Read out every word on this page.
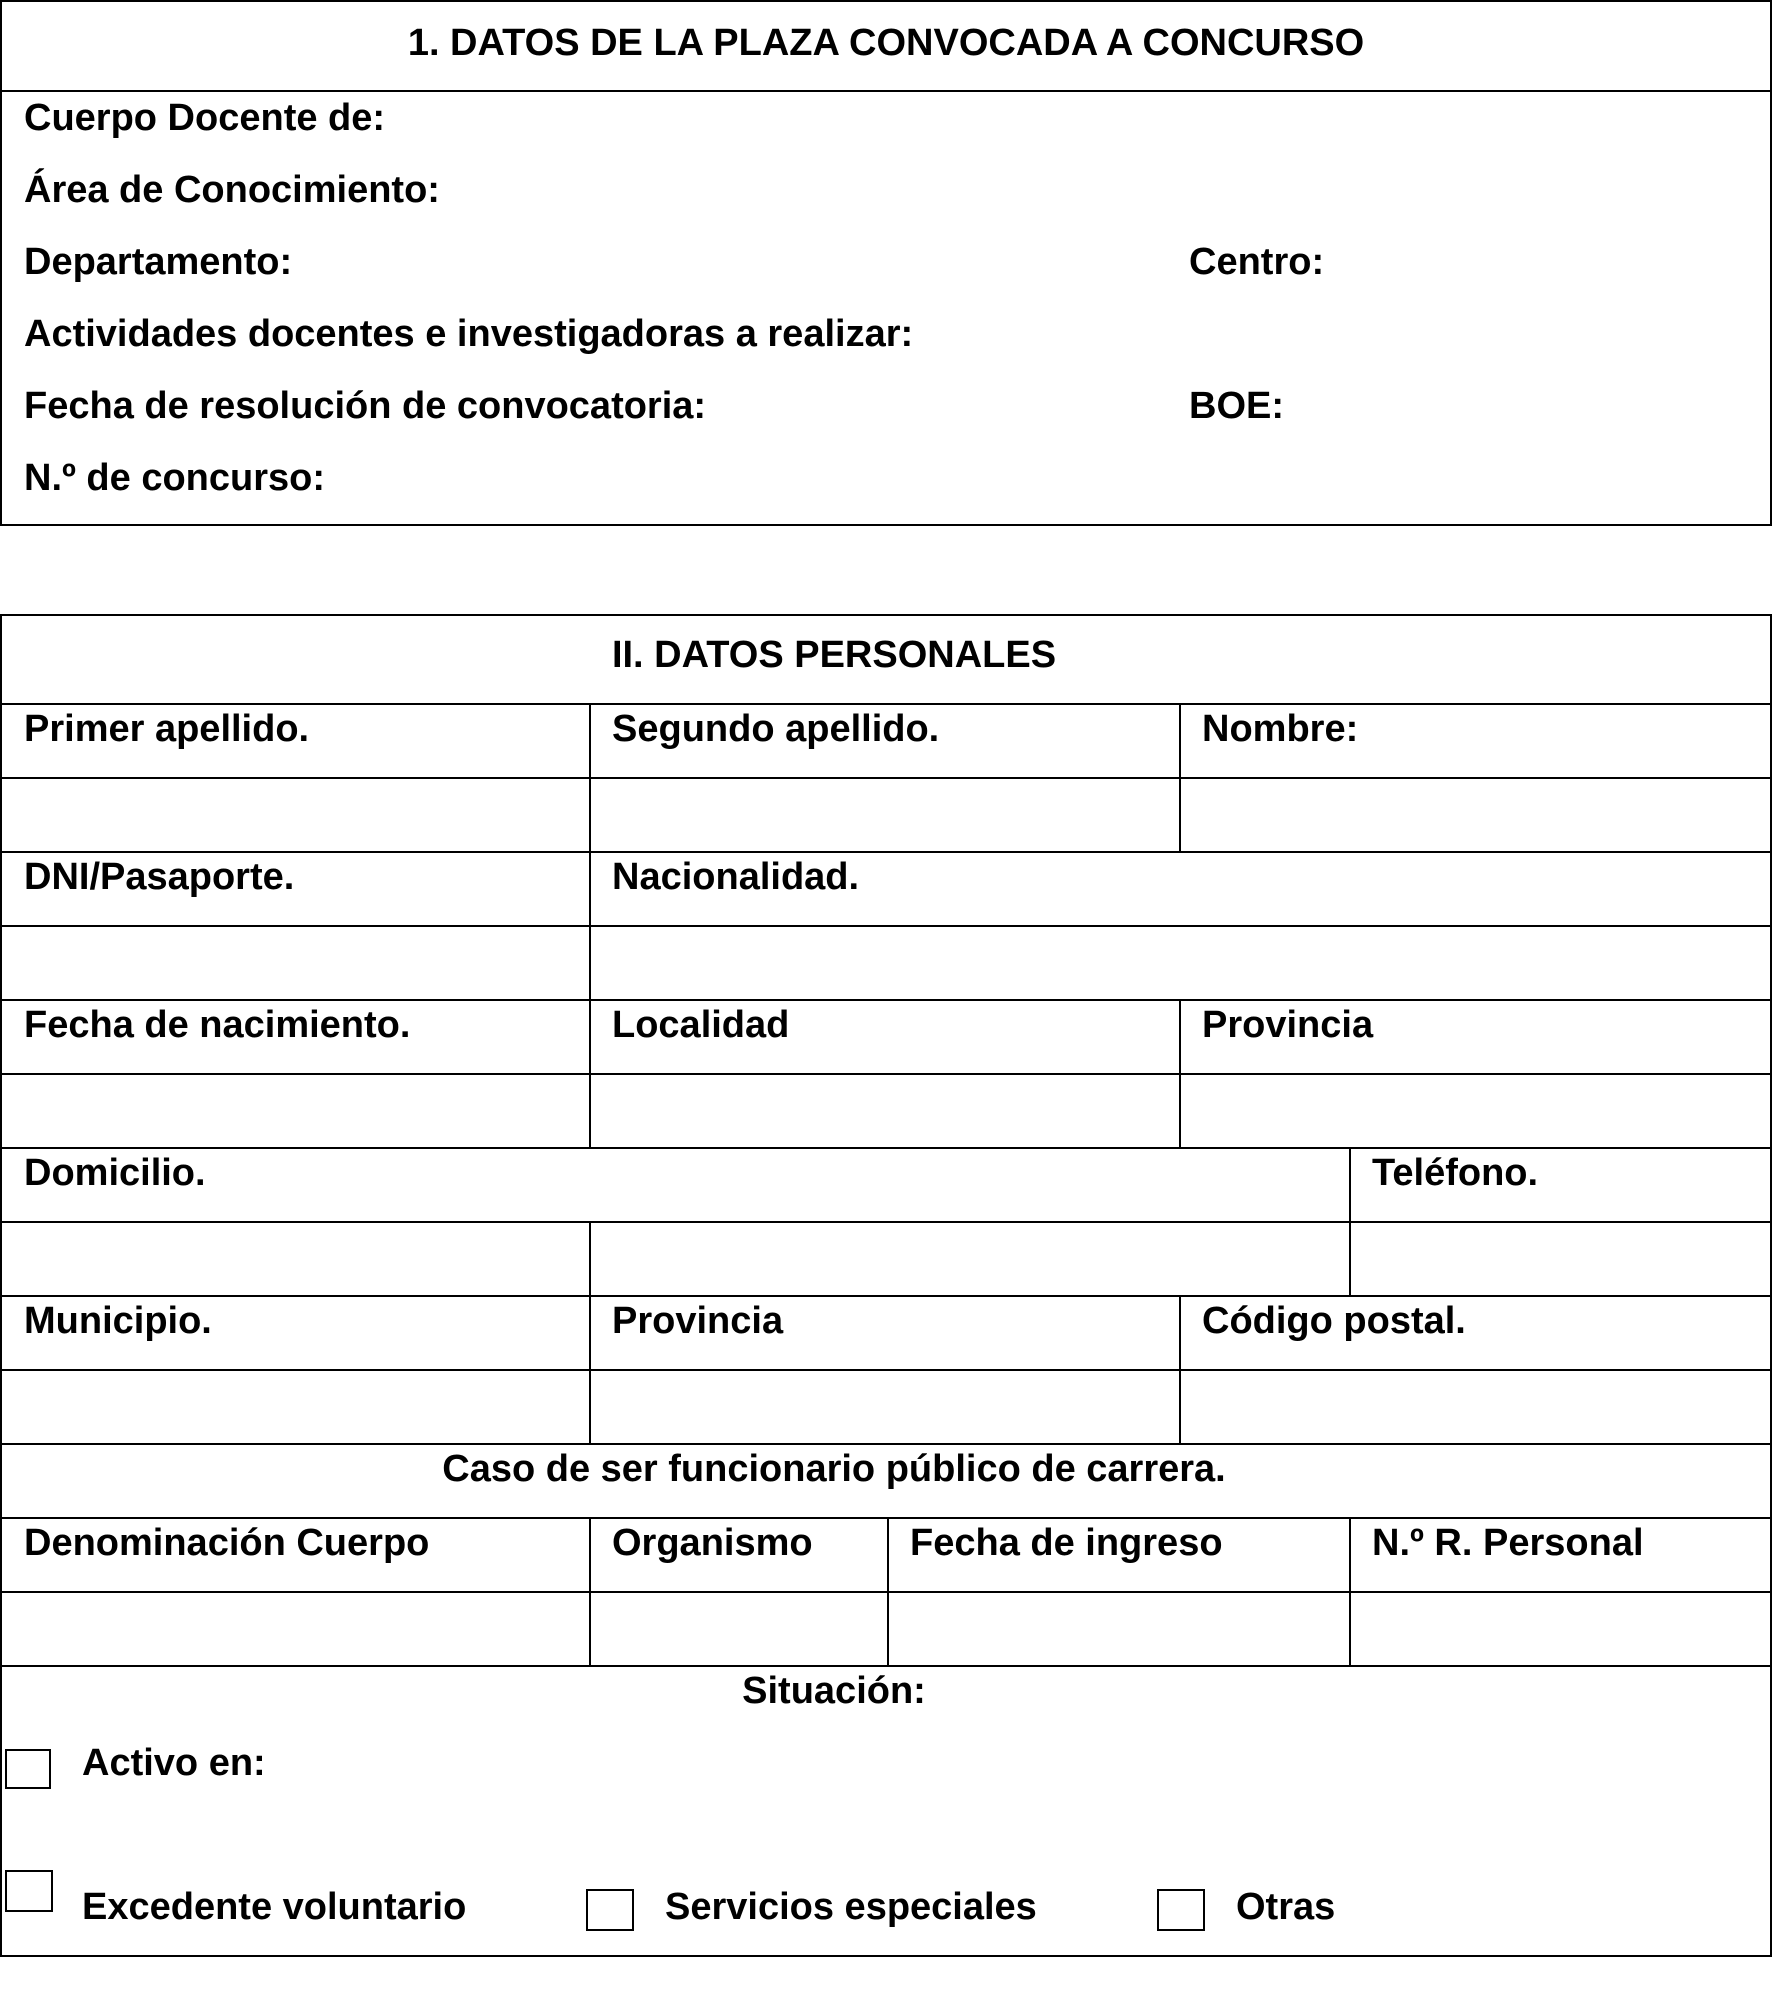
1. DATOS DE LA PLAZA CONVOCADA A CONCURSO
Cuerpo Docente de:
Área de Conocimiento:
Departamento:	Centro:
Actividades docentes e investigadoras a realizar:
Fecha de resolución de convocatoria:	BOE:
N.º de concurso:
II. DATOS PERSONALES
Primer apellido.	Segundo apellido.	Nombre:
DNI/Pasaporte.	Nacionalidad.
Fecha de nacimiento.	Localidad	Provincia
Domicilio.	Teléfono.
Municipio.	Provincia	Código postal.
Caso de ser funcionario público de carrera.
Denominación Cuerpo	Organismo	Fecha de ingreso	N.º R. Personal
Situación:
Activo en:
Excedente voluntario	Servicios especiales	Otras
